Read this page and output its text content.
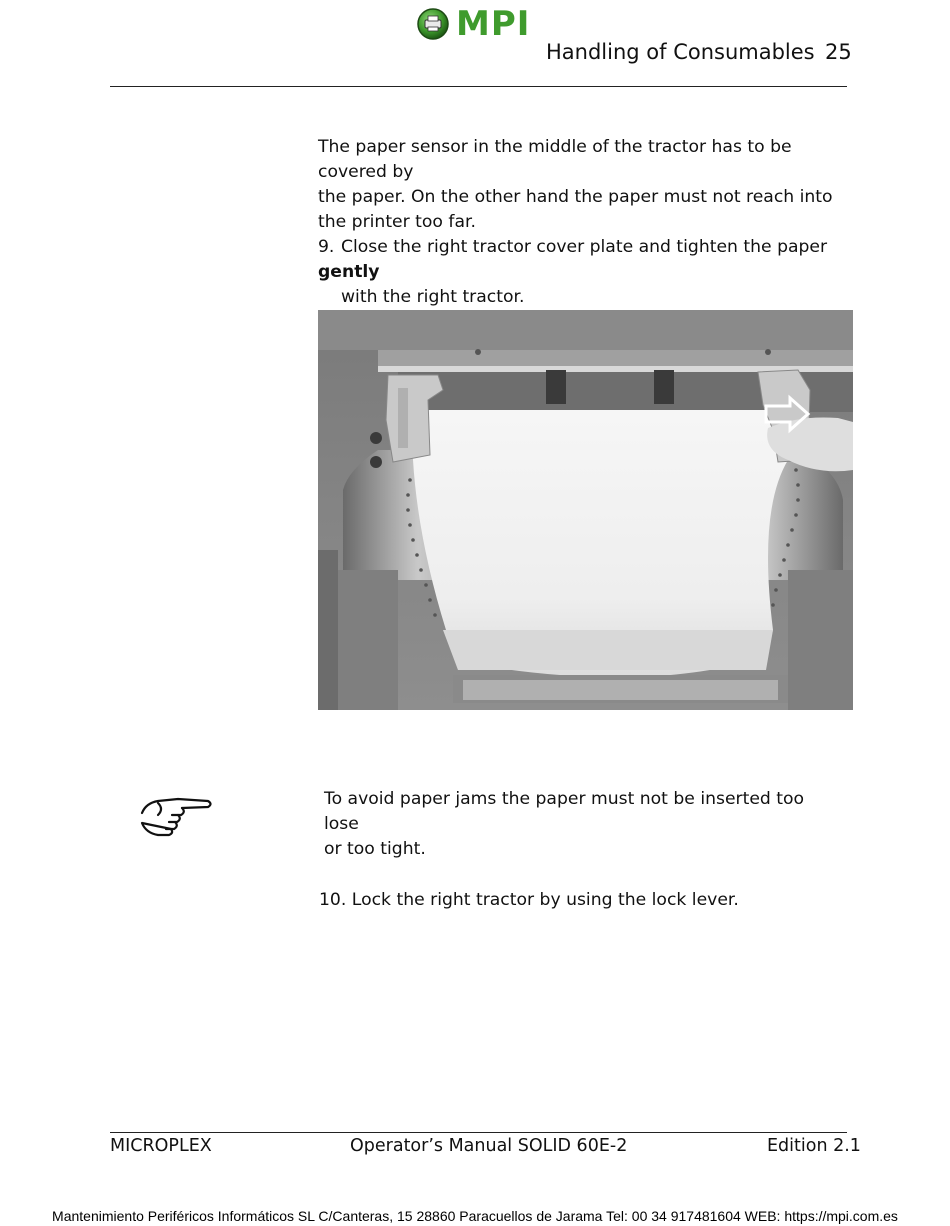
MPI
Handling of Consumables 25
The paper sensor in the middle of the tractor has to be covered by
the paper. On the other hand the paper must not reach into
the printer too far.
9. Close the right tractor cover plate and tighten the paper gently
with the right tractor.
To avoid paper jams the paper must not be inserted too lose
or too tight.
10. Lock the right tractor by using the lock lever.
MICROPLEX	Operator’s Manual SOLID 60E-2	Edition 2.1
Mantenimiento Periféricos Informáticos SL C/Canteras, 15 28860 Paracuellos de Jarama Tel: 00 34 917481604 WEB: https://mpi.com.es
